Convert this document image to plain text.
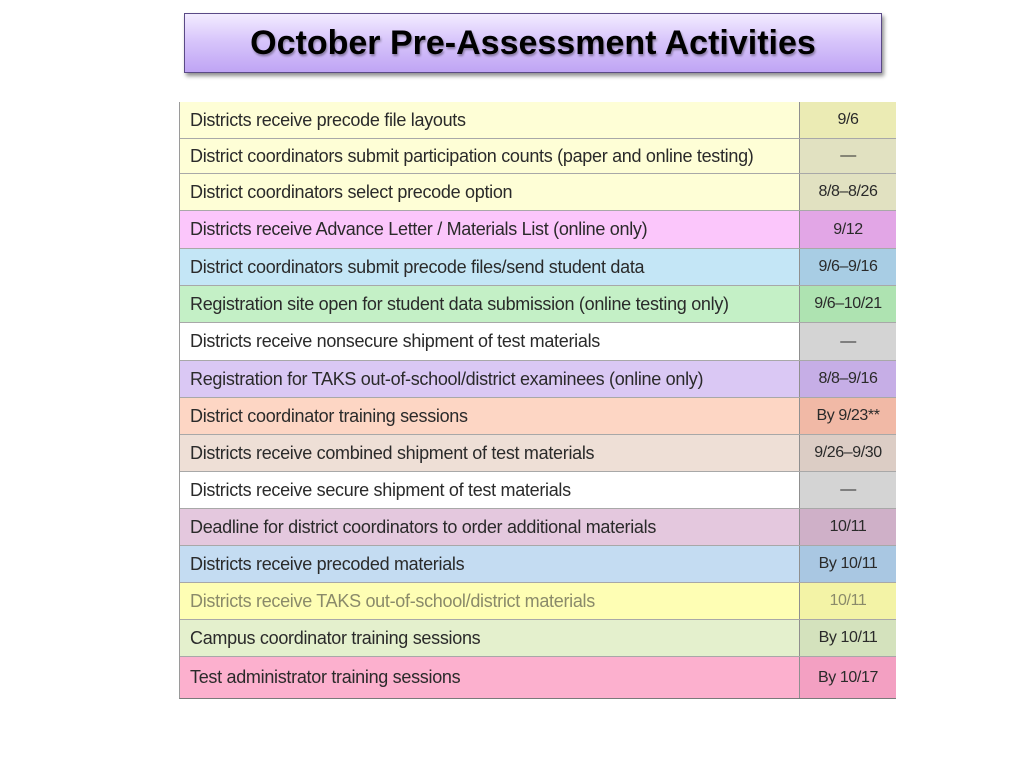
October Pre-Assessment Activities
Districts receive precode file layouts	9/6
District coordinators submit participation counts (paper and online testing)	—
District coordinators select precode option	8/8–8/26
Districts receive Advance Letter / Materials List (online only)	9/12
District coordinators submit precode files/send student data	9/6–9/16
Registration site open for student data submission (online testing only)	9/6–10/21
Districts receive nonsecure shipment of test materials	—
Registration for TAKS out-of-school/district examinees (online only)	8/8–9/16
District coordinator training sessions	By 9/23**
Districts receive combined shipment of test materials	9/26–9/30
Districts receive secure shipment of test materials	—
Deadline for district coordinators to order additional materials	10/11
Districts receive precoded materials	By 10/11
Districts receive TAKS out-of-school/district materials	10/11
Campus coordinator training sessions	By 10/11
Test administrator training sessions	By 10/17
